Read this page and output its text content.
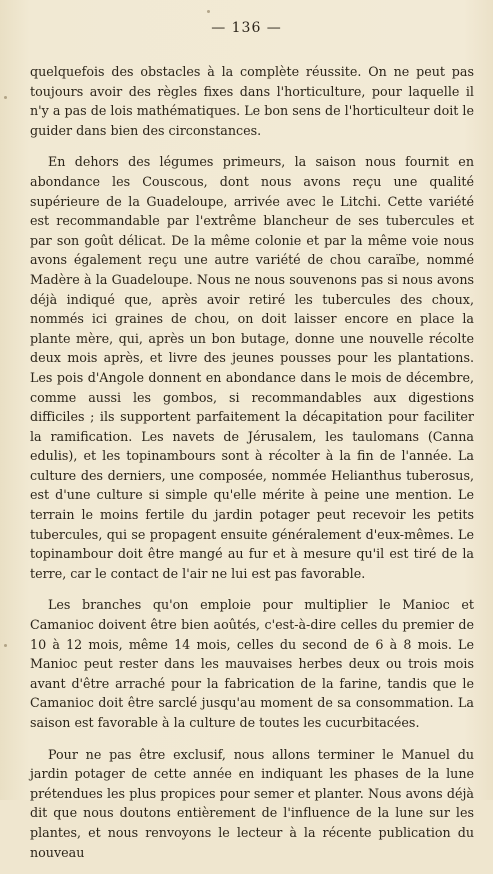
— 136 —

quelquefois des obstacles à la complète réussite. On ne peut pas toujours avoir des règles fixes dans l'horticulture, pour laquelle il n'y a pas de lois mathématiques. Le bon sens de l'horticulteur doit le guider dans bien des circonstances.

En dehors des légumes primeurs, la saison nous fournit en abondance les Couscous, dont nous avons reçu une qualité supérieure de la Guadeloupe, arrivée avec le Litchi. Cette variété est recommandable par l'extrême blancheur de ses tubercules et par son goût délicat. De la même colonie et par la même voie nous avons également reçu une autre variété de chou caraïbe, nommé Madère à la Guadeloupe. Nous ne nous souvenons pas si nous avons déjà indiqué que, après avoir retiré les tubercules des choux, nommés ici graines de chou, on doit laisser encore en place la plante mère, qui, après un bon butage, donne une nouvelle récolte deux mois après, et livre des jeunes pousses pour les plantations. Les pois d'Angole donnent en abondance dans le mois de décembre, comme aussi les gombos, si recommandables aux digestions difficiles ; ils supportent parfaitement la décapitation pour faciliter la ramification. Les navets de Jérusalem, les taulomans (Canna edulis), et les topinambours sont à récolter à la fin de l'année. La culture des derniers, une composée, nommée Helianthus tuberosus, est d'une culture si simple qu'elle mérite à peine une mention. Le terrain le moins fertile du jardin potager peut recevoir les petits tubercules, qui se propagent ensuite généralement d'eux-mêmes. Le topinambour doit être mangé au fur et à mesure qu'il est tiré de la terre, car le contact de l'air ne lui est pas favorable.

Les branches qu'on emploie pour multiplier le Manioc et Camanioc doivent être bien aoûtés, c'est-à-dire celles du premier de 10 à 12 mois, même 14 mois, celles du second de 6 à 8 mois. Le Manioc peut rester dans les mauvaises herbes deux ou trois mois avant d'être arraché pour la fabrication de la farine, tandis que le Camanioc doit être sarclé jusqu'au moment de sa consommation. La saison est favorable à la culture de toutes les cucurbitacées.

Pour ne pas être exclusif, nous allons terminer le Manuel du jardin potager de cette année en indiquant les phases de la lune prétendues les plus propices pour semer et planter. Nous avons déjà dit que nous doutons entièrement de l'influence de la lune sur les plantes, et nous renvoyons le lecteur à la récente publication du nouveau
